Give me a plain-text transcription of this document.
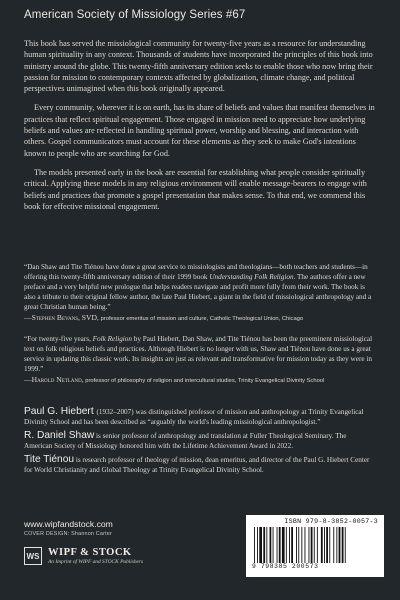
American Society of Missiology Series #67

This book has served the missiological community for twenty-five years as a resource for understanding human spirituality in any context. Thousands of students have incorporated the principles of this book into ministry around the globe. This twenty-fifth anniversary edition seeks to enable those who now bring their passion for mission to contemporary contexts affected by globalization, climate change, and political perspectives unimagined when this book originally appeared.

Every community, wherever it is on earth, has its share of beliefs and values that manifest themselves in practices that reflect spiritual engagement. Those engaged in mission need to appreciate how underlying beliefs and values are reflected in handling spiritual power, worship and blessing, and interaction with others. Gospel communicators must account for these elements as they seek to make God's intentions known to people who are searching for God.

The models presented early in the book are essential for establishing what people consider spiritually critical. Applying these models in any religious environment will enable message-bearers to engage with beliefs and practices that promote a gospel presentation that makes sense. To that end, we commend this book for effective missional engagement.

“Dan Shaw and Tite Tiénou have done a great service to missiologists and theologians—both teachers and students—in offering this twenty-fifth anniversary edition of their 1999 book Understanding Folk Religion. The authors offer a new preface and a very helpful new prologue that helps readers navigate and profit more fully from their work. The book is also a tribute to their original fellow author, the late Paul Hiebert, a giant in the field of missiological anthropology and a great Christian human being.”
—Stephen Bevans, SVD, professor emeritus of mission and culture, Catholic Theological Union, Chicago
“For twenty-five years, Folk Religion by Paul Hiebert, Dan Shaw, and Tite Tiénou has been the preeminent missiological text on folk religious beliefs and practices. Although Hiebert is no longer with us, Shaw and Tiénou have done us a great service in updating this classic work. Its insights are just as relevant and transformative for mission today as they were in 1999.”
—Harold Netland, professor of philosophy of religion and intercultural studies, Trinity Evangelical Divinity School
Paul G. Hiebert (1932–2007) was distinguished professor of mission and anthropology at Trinity Evangelical Divinity School and has been described as “arguably the world's leading missiological anthropologist.”
R. Daniel Shaw is senior professor of anthropology and translation at Fuller Theological Seminary. The American Society of Missiology honored him with the Lifetime Achievement Award in 2022.
Tite Tiénou is research professor of theology of mission, dean emeritus, and director of the Paul G. Hiebert Center for World Christianity and Global Theology at Trinity Evangelical Divinity School.
www.wipfandstock.com
COVER DESIGN: Shannon Carter
WS WIPF & STOCK
An Imprint of WIPF and STOCK Publishers
ISBN 979-8-3852-0057-3
9 798385 200573
